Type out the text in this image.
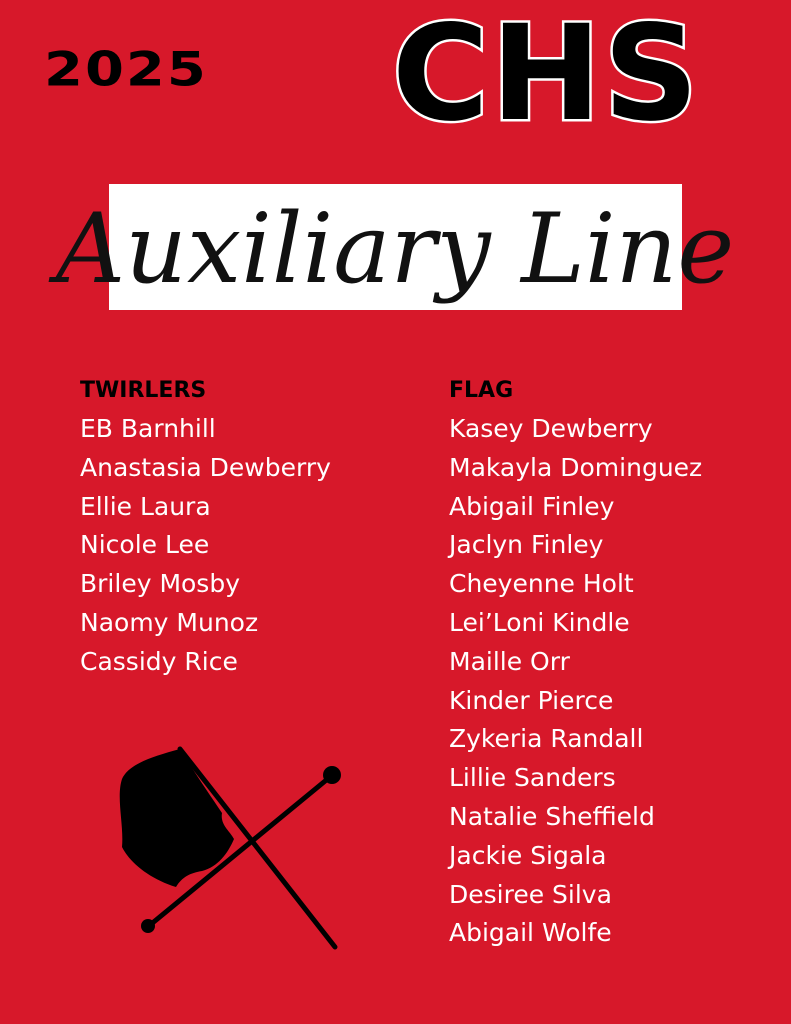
2025 CHS
Auxiliary Line
TWIRLERS
EB Barnhill
Anastasia Dewberry
Ellie Laura
Nicole Lee
Briley Mosby
Naomy Munoz
Cassidy Rice
FLAG
Kasey Dewberry
Makayla Dominguez
Abigail Finley
Jaclyn Finley
Cheyenne Holt
Lei’Loni Kindle
Maille Orr
Kinder Pierce
Zykeria Randall
Lillie Sanders
Natalie Sheffield
Jackie Sigala
Desiree Silva
Abigail Wolfe
